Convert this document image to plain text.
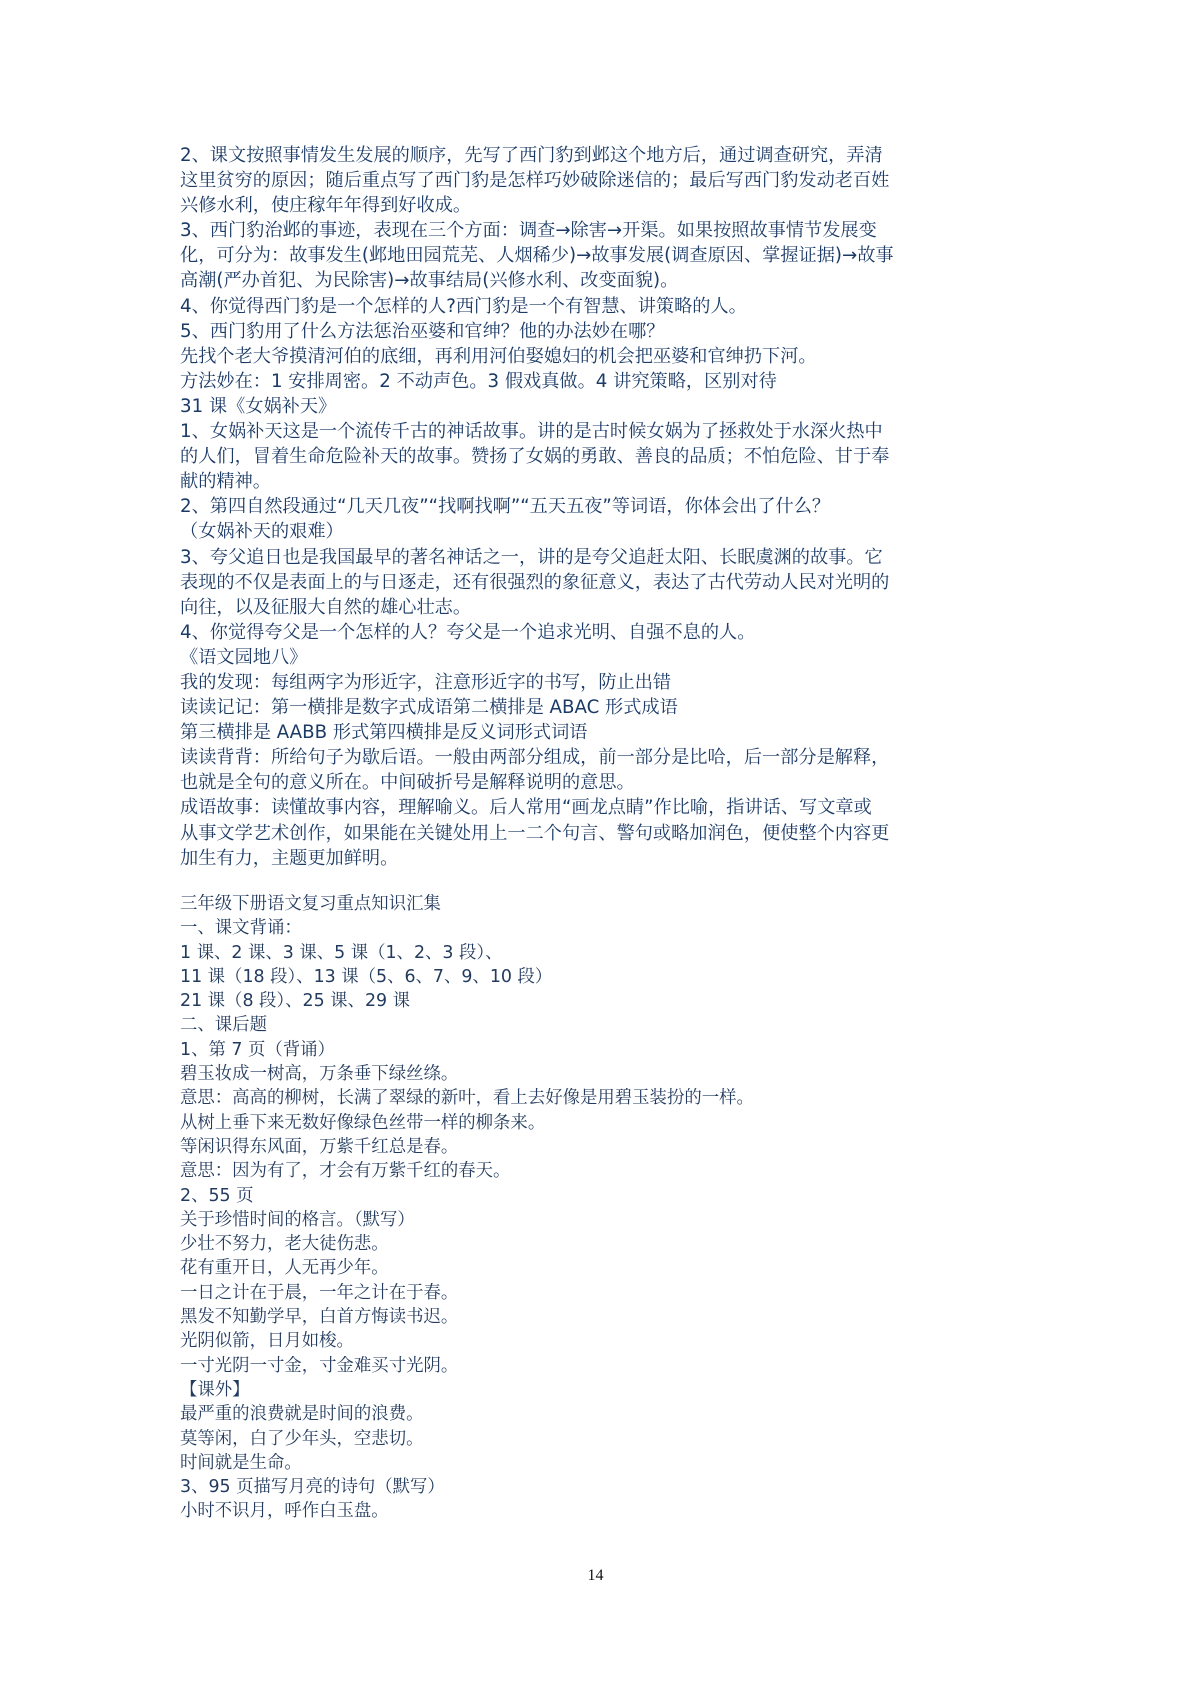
2、课文按照事情发生发展的顺序，先写了西门豹到邺这个地方后，通过调查研究，弄清
这里贫穷的原因；随后重点写了西门豹是怎样巧妙破除迷信的；最后写西门豹发动老百姓
兴修水利，使庄稼年年得到好收成。
3、西门豹治邺的事迹，表现在三个方面：调查→除害→开渠。如果按照故事情节发展变
化，可分为：故事发生(邺地田园荒芜、人烟稀少)→故事发展(调查原因、掌握证据)→故事
高潮(严办首犯、为民除害)→故事结局(兴修水利、改变面貌)。
4、你觉得西门豹是一个怎样的人?西门豹是一个有智慧、讲策略的人。
5、西门豹用了什么方法惩治巫婆和官绅？他的办法妙在哪？
先找个老大爷摸清河伯的底细，再利用河伯娶媳妇的机会把巫婆和官绅扔下河。
方法妙在：1 安排周密。2 不动声色。3 假戏真做。4 讲究策略，区别对待
31 课《女娲补天》
1、女娲补天这是一个流传千古的神话故事。讲的是古时候女娲为了拯救处于水深火热中
的人们，冒着生命危险补天的故事。赞扬了女娲的勇敢、善良的品质；不怕危险、甘于奉
献的精神。
2、第四自然段通过“几天几夜”“找啊找啊”“五天五夜”等词语，你体会出了什么？
（女娲补天的艰难）
3、夸父追日也是我国最早的著名神话之一，讲的是夸父追赶太阳、长眠虞渊的故事。它
表现的不仅是表面上的与日逐走，还有很强烈的象征意义，表达了古代劳动人民对光明的
向往，以及征服大自然的雄心壮志。
4、你觉得夸父是一个怎样的人？夸父是一个追求光明、自强不息的人。
《语文园地八》
我的发现：每组两字为形近字，注意形近字的书写，防止出错
读读记记：第一横排是数字式成语第二横排是 ABAC 形式成语
第三横排是 AABB 形式第四横排是反义词形式词语
读读背背：所给句子为歇后语。一般由两部分组成，前一部分是比哈，后一部分是解释，
也就是全句的意义所在。中间破折号是解释说明的意思。
成语故事：读懂故事内容，理解喻义。后人常用“画龙点睛”作比喻，指讲话、写文章或
从事文学艺术创作，如果能在关键处用上一二个句言、警句或略加润色，便使整个内容更
加生有力，主题更加鲜明。
三年级下册语文复习重点知识汇集
一、课文背诵：
1 课、2 课、3 课、5 课（1、2、3 段）、
11 课（18 段）、13 课（5、6、7、9、10 段）
21 课（8 段）、25 课、29 课
二、课后题
1、第 7 页（背诵）
碧玉妆成一树高，万条垂下绿丝绦。
意思：高高的柳树，长满了翠绿的新叶，看上去好像是用碧玉装扮的一样。
从树上垂下来无数好像绿色丝带一样的柳条来。
等闲识得东风面，万紫千红总是春。
意思：因为有了，才会有万紫千红的春天。
2、55 页
关于珍惜时间的格言。（默写）
少壮不努力，老大徒伤悲。
花有重开日，人无再少年。
一日之计在于晨，一年之计在于春。
黑发不知勤学早，白首方悔读书迟。
光阴似箭，日月如梭。
一寸光阴一寸金，寸金难买寸光阴。
【课外】
最严重的浪费就是时间的浪费。
莫等闲，白了少年头，空悲切。
时间就是生命。
3、95 页描写月亮的诗句（默写）
小时不识月，呼作白玉盘。
14
